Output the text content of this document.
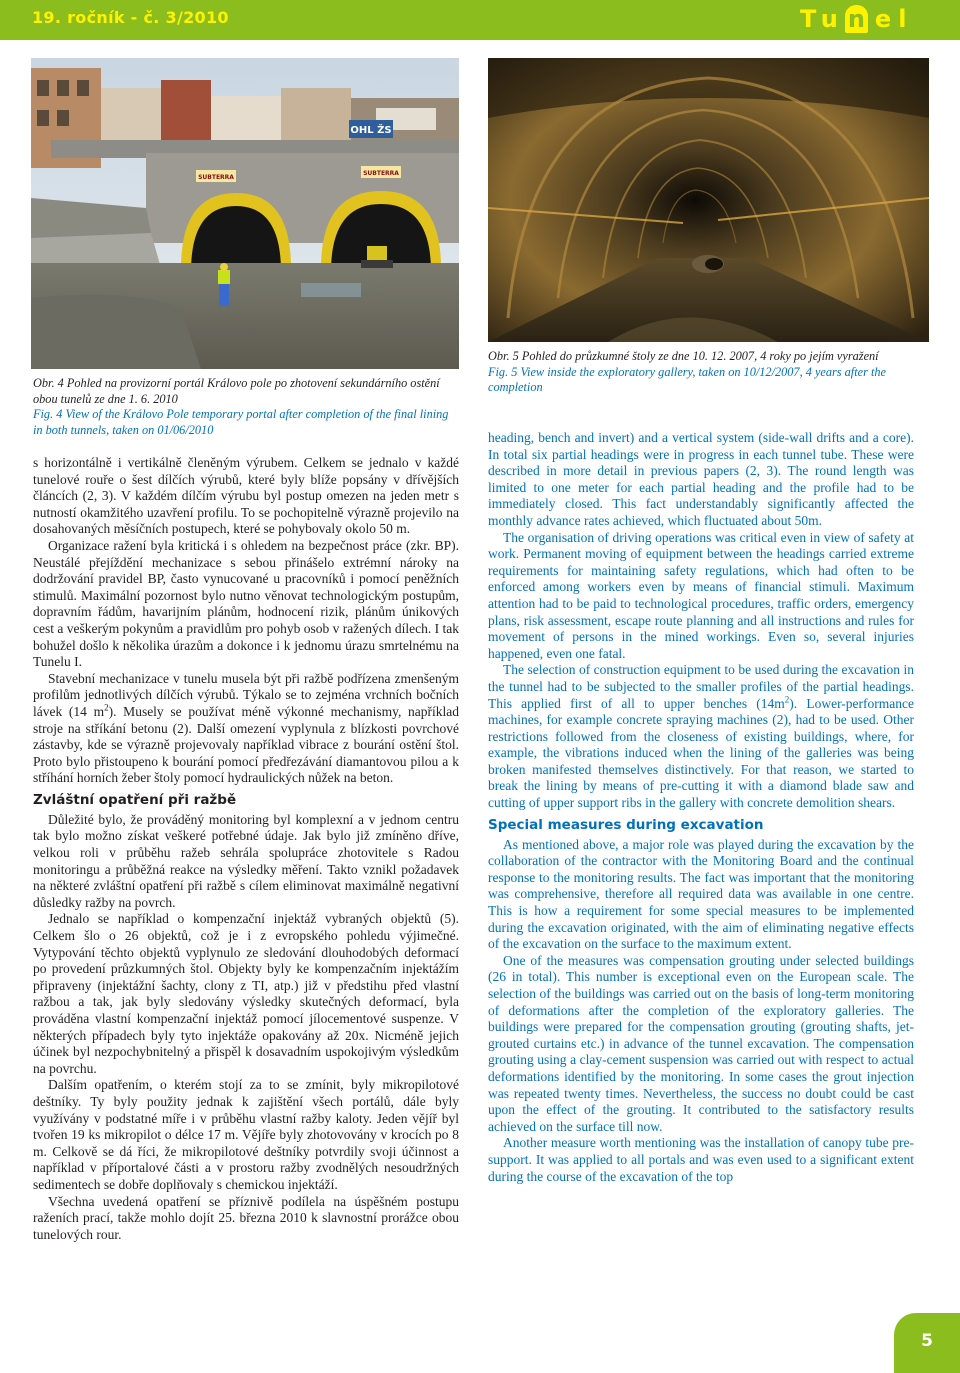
19. ročník - č. 3/2010	Tu n el
OHL ŽS
SUBTERRA
SUBTERRA
Obr. 4 Pohled na provizorní portál Královo pole po zhotovení sekundárního ostění obou tunelů ze dne 1. 6. 2010
Fig. 4 View of the Královo Pole temporary portal after completion of the final lining in both tunnels, taken on 01/06/2010
Obr. 5 Pohled do průzkumné štoly ze dne 10. 12. 2007, 4 roky po jejím vyražení
Fig. 5 View inside the exploratory gallery, taken on 10/12/2007, 4 years after the completion

s horizontálně i vertikálně členěným výrubem. Celkem se jednalo v každé tunelové rouře o šest dílčích výrubů, které byly blíže popsány v dřívějších článcích (2, 3). V každém dílčím výrubu byl postup omezen na jeden metr s nutností okamžitého uzavření profilu. To se pochopitelně výrazně projevilo na dosahovaných měsíčních postupech, které se pohybovaly okolo 50 m.

Organizace ražení byla kritická i s ohledem na bezpečnost práce (zkr. BP). Neustálé přejíždění mechanizace s sebou přinášelo extrémní nároky na dodržování pravidel BP, často vynucované u pracovníků i pomocí peněžních stimulů. Maximální pozornost bylo nutno věnovat technologickým postupům, dopravním řádům, havarijním plánům, hodnocení rizik, plánům únikových cest a veškerým pokynům a pravidlům pro pohyb osob v ražených dílech. I tak bohužel došlo k několika úrazům a dokonce i k jednomu úrazu smrtelnému na Tunelu I.

Stavební mechanizace v tunelu musela být při ražbě podřízena zmenšeným profilům jednotlivých dílčích výrubů. Týkalo se to zejména vrchních bočních lávek (14 $m^2$). Musely se používat méně výkonné mechanismy, například stroje na stříkání betonu (2). Další omezení vyplynula z blízkosti povrchové zástavby, kde se výrazně projevovaly například vibrace z bourání ostění štol. Proto bylo přistoupeno k bourání pomocí předřezávání diamantovou pilou a k stříhání horních žeber štoly pomocí hydraulických nůžek na beton.

Zvláštní opatření při ražbě

Důležité bylo, že prováděný monitoring byl komplexní a v jednom centru tak bylo možno získat veškeré potřebné údaje. Jak bylo již zmíněno dříve, velkou roli v průběhu ražeb sehrála spolupráce zhotovitele s Radou monitoringu a průběžná reakce na výsledky měření. Takto vznikl požadavek na některé zvláštní opatření při ražbě s cílem eliminovat maximálně negativní důsledky ražby na povrch.

Jednalo se například o kompenzační injektáž vybraných objektů (5). Celkem šlo o 26 objektů, což je i z evropského pohledu výjimečné. Vytypování těchto objektů vyplynulo ze sledování dlouhodobých deformací po provedení průzkumných štol. Objekty byly ke kompenzačním injektážím připraveny (injektážní šachty, clony z TI, atp.) již v předstihu před vlastní ražbou a tak, jak byly sledovány výsledky skutečných deformací, byla prováděna vlastní kompenzační injektáž pomocí jílocementové suspenze. V některých případech byly tyto injektáže opakovány až 20x. Nicméně jejich účinek byl nezpochybnitelný a přispěl k dosavadním uspokojivým výsledkům na povrchu.

Dalším opatřením, o kterém stojí za to se zmínit, byly mikropilotové deštníky. Ty byly použity jednak k zajištění všech portálů, dále byly využívány v podstatné míře i v průběhu vlastní ražby kaloty. Jeden vějíř byl tvořen 19 ks mikropilot o délce 17 m. Vějíře byly zhotovovány v krocích po 8 m. Celkově se dá říci, že mikropilotové deštníky potvrdily svoji účinnost a například v příportalové části a v prostoru ražby zvodnělých nesoudržných sedimentech se dobře doplňovaly s chemickou injektáží.

Všechna uvedená opatření se příznivě podílela na úspěšném postupu raženích prací, takže mohlo dojít 25. března 2010 k slavnostní prorážce obou tunelových rour.

heading, bench and invert) and a vertical system (side-wall drifts and a core). In total six partial headings were in progress in each tunnel tube. These were described in more detail in previous papers (2, 3). The round length was limited to one meter for each partial heading and the profile had to be immediately closed. This fact understandably significantly affected the monthly advance rates achieved, which fluctuated about 50m.

The organisation of driving operations was critical even in view of safety at work. Permanent moving of equipment between the headings carried extreme requirements for maintaining safety regulations, which had often to be enforced among workers even by means of financial stimuli. Maximum attention had to be paid to technological procedures, traffic orders, emergency plans, risk assessment, escape route planning and all instructions and rules for movement of persons in the mined workings. Even so, several injuries happened, even one fatal.

The selection of construction equipment to be used during the excavation in the tunnel had to be subjected to the smaller profiles of the partial headings. This applied first of all to upper benches $(14m^2)$. Lower-performance machines, for example concrete spraying machines (2), had to be used. Other restrictions followed from the closeness of existing buildings, where, for example, the vibrations induced when the lining of the galleries was being broken manifested themselves distinctively. For that reason, we started to break the lining by means of pre-cutting it with a diamond blade saw and cutting of upper support ribs in the gallery with concrete demolition shears.

Special measures during excavation

As mentioned above, a major role was played during the excavation by the collaboration of the contractor with the Monitoring Board and the continual response to the monitoring results. The fact was important that the monitoring was comprehensive, therefore all required data was available in one centre. This is how a requirement for some special measures to be implemented during the excavation originated, with the aim of eliminating negative effects of the excavation on the surface to the maximum extent.

One of the measures was compensation grouting under selected buildings (26 in total). This number is exceptional even on the European scale. The selection of the buildings was carried out on the basis of long-term monitoring of deformations after the completion of the exploratory galleries. The buildings were prepared for the compensation grouting (grouting shafts, jet-grouted curtains etc.) in advance of the tunnel excavation. The compensation grouting using a clay-cement suspension was carried out with respect to actual deformations identified by the monitoring. In some cases the grout injection was repeated twenty times. Nevertheless, the success no doubt could be cast upon the effect of the grouting. It contributed to the satisfactory results achieved on the surface till now.

Another measure worth mentioning was the installation of canopy tube pre-support. It was applied to all portals and was even used to a significant extent during the course of the excavation of the top

5
